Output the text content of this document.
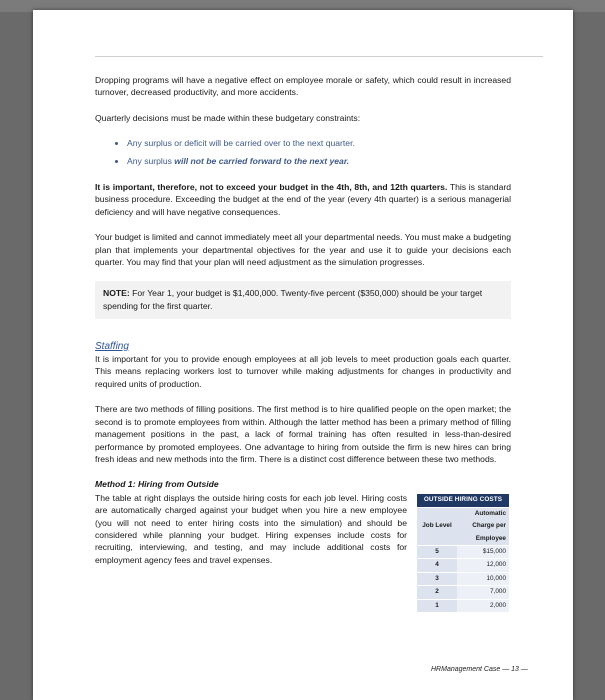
Dropping programs will have a negative effect on employee morale or safety, which could result in increased turnover, decreased productivity, and more accidents.

Quarterly decisions must be made within these budgetary constraints:

• Any surplus or deficit will be carried over to the next quarter.
• Any surplus will not be carried forward to the next year.

It is important, therefore, not to exceed your budget in the 4th, 8th, and 12th quarters. This is standard business procedure. Exceeding the budget at the end of the year (every 4th quarter) is a serious managerial deficiency and will have negative consequences.

Your budget is limited and cannot immediately meet all your departmental needs. You must make a budgeting plan that implements your departmental objectives for the year and use it to guide your decisions each quarter. You may find that your plan will need adjustment as the simulation progresses.

NOTE: For Year 1, your budget is $1,400,000. Twenty-five percent ($350,000) should be your target spending for the first quarter.
Staffing

It is important for you to provide enough employees at all job levels to meet production goals each quarter. This means replacing workers lost to turnover while making adjustments for changes in productivity and required units of production.

There are two methods of filling positions. The first method is to hire qualified people on the open market; the second is to promote employees from within. Although the latter method has been a primary method of filling management positions in the past, a lack of formal training has often resulted in less-than-desired performance by promoted employees. One advantage to hiring from outside the firm is new hires can bring fresh ideas and new methods into the firm. There is a distinct cost difference between these two methods.

Method 1: Hiring from Outside

The table at right displays the outside hiring costs for each job level. Hiring costs are automatically charged against your budget when you hire a new employee (you will not need to enter hiring costs into the simulation) and should be considered while planning your budget. Hiring expenses include costs for recruiting, interviewing, and testing, and may include additional costs for employment agency fees and travel expenses.

OUTSIDE HIRING COSTS	
Job Level	Automatic Charge per Employee
5	$15,000
4	12,000
3	10,000
2	7,000
1	2,000
HRManagement Case — 13 —
